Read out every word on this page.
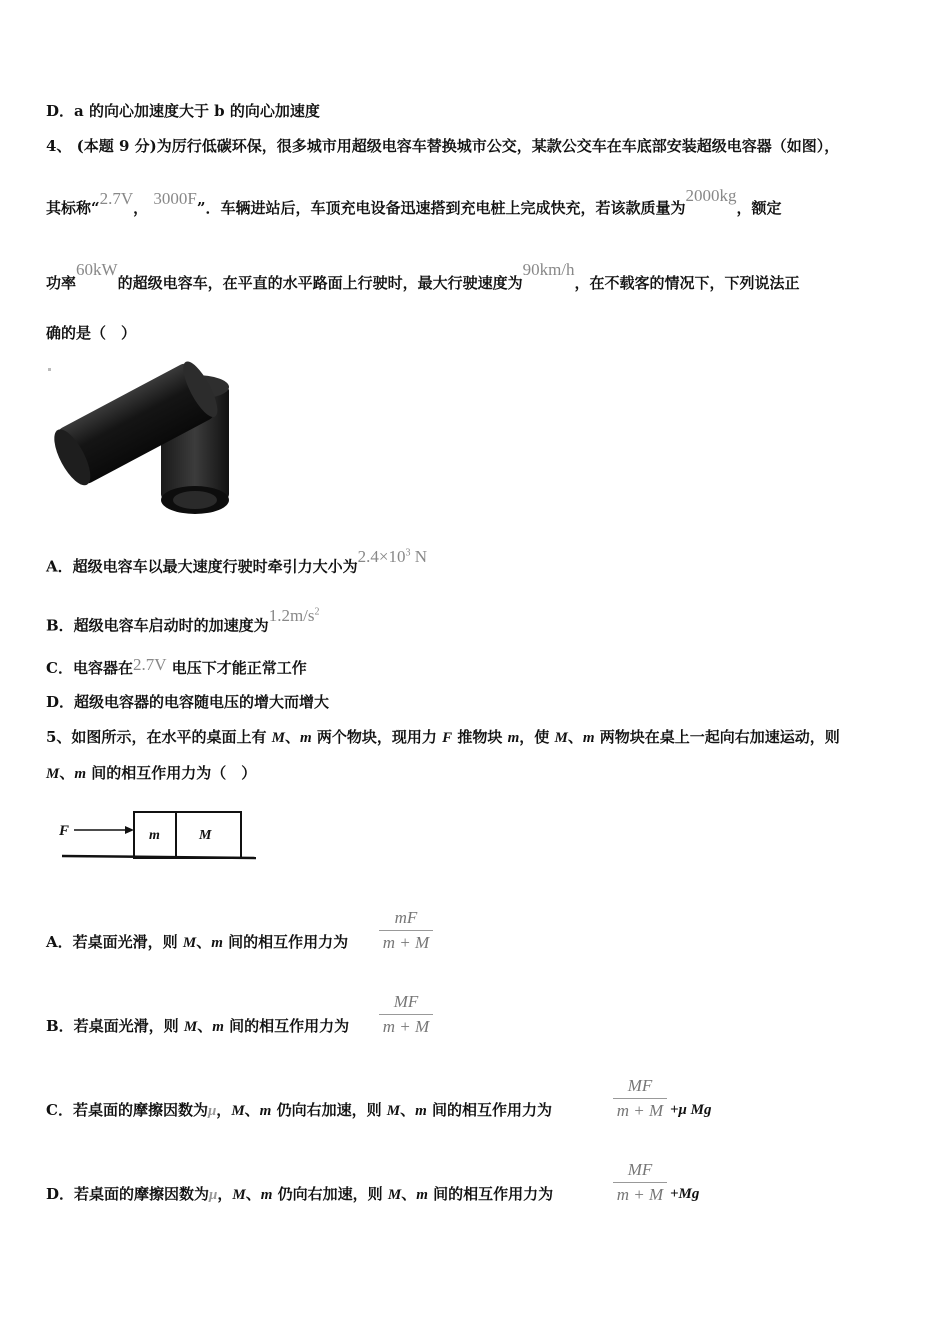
D．a 的向心加速度大于 b 的向心加速度
4、 (本题 9 分)为厉行低碳环保，很多城市用超级电容车替换城市公交，某款公交车在车底部安装超级电容器（如图），
其标称“2.7V， 3000F”．车辆进站后，车顶充电设备迅速搭到充电桩上完成快充，若该款质量为2000kg，额定
功率60kW的超级电容车，在平直的水平路面上行驶时，最大行驶速度为90km/h，在不载客的情况下，下列说法正
确的是（　）
A．超级电容车以最大速度行驶时牵引力大小为$2.4\times 10^3$ N
B．超级电容车启动时的加速度为$1.2m/s^2$
C．电容器在2.7V 电压下才能正常工作
D．超级电容器的电容随电压的增大而增大
5、如图所示，在水平的桌面上有 M、m 两个物块，现用力 F 推物块 m，使 M、m 两物块在桌上一起向右加速运动，则
M、m 间的相互作用力为（　）
F	m	M
A．若桌面光滑，则 M、m 间的相互作用力为 $\frac{mF}{m + M}$
B．若桌面光滑，则 M、m 间的相互作用力为 $\frac{MF}{m + M}$
C．若桌面的摩擦因数为μ，M、m 仍向右加速，则 M、m 间的相互作用力为	$\frac{MF}{m + M} +\mu$ Mg
D．若桌面的摩擦因数为μ，M、m 仍向右加速，则 M、m 间的相互作用力为	$\frac{MF}{m + M} +Mg$
